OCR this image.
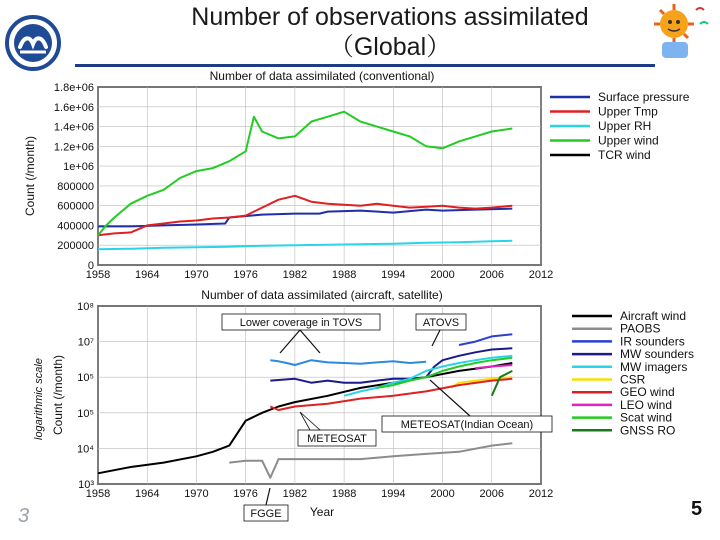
Number of observations assimilated
（Global）
logarithmic scale
Number of data assimilated (conventional)
1958 1964 1970 1976 1982 1988 1994 2000 2006 2012
0
200000
400000
600000
800000
1e+06
1.2e+06
1.4e+06
1.6e+06
1.8e+06
Count (/month)
Surface pressure
Upper Tmp
Upper RH
Upper wind
TCR wind
Number of data assimilated (aircraft, satellite)
1958 1964 1970 1976 1982 1988 1994 2000 2006 2012
10³
10⁴
10⁵
10⁵
10⁷
10⁸
Count (/month)
Year
Aircraft wind
PAOBS
IR sounders
MW sounders
MW imagers
CSR
GEO wind
LEO wind
Scat wind
GNSS RO
Lower coverage in TOVS	ATOVS
METEOSAT
METEOSAT(Indian Ocean)
FGGE
3	5
